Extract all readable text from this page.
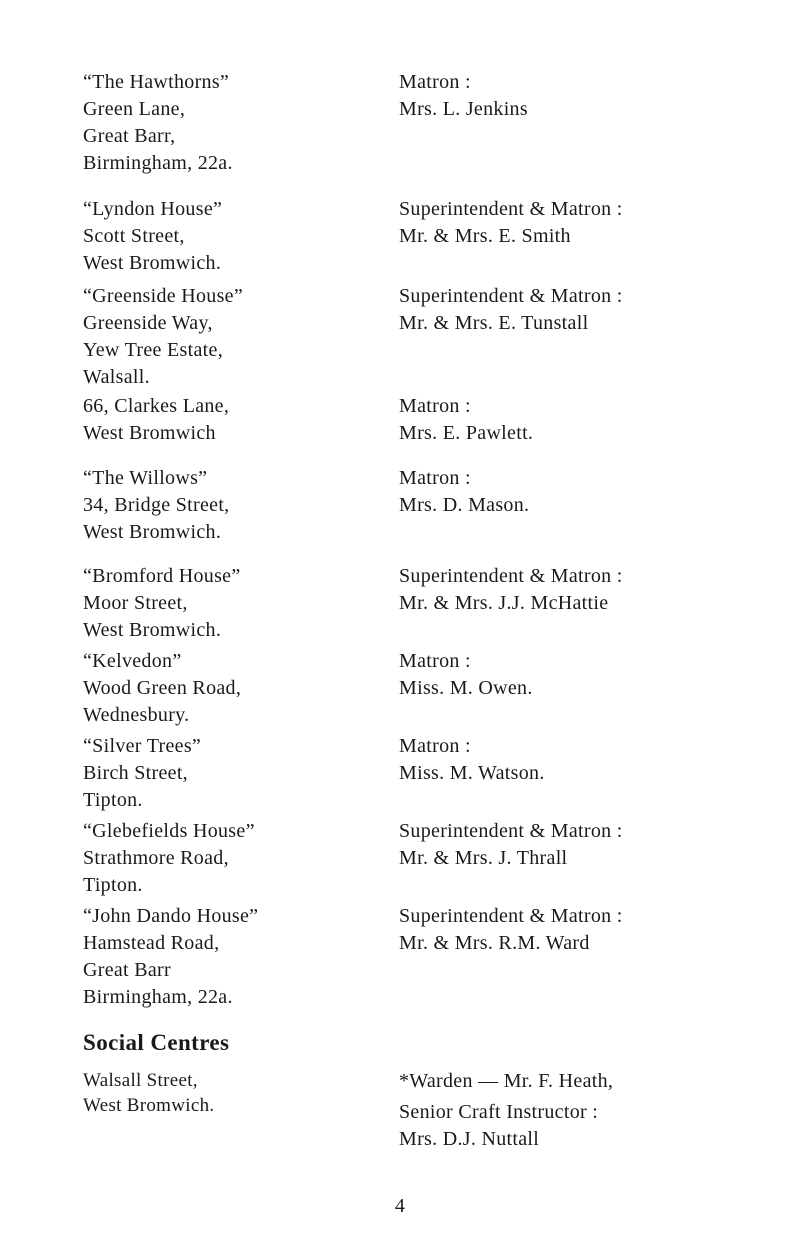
“The Hawthorns”
Green Lane,
Great Barr,
Birmingham, 22a.
Matron :
Mrs. L. Jenkins
“Lyndon House”
Scott Street,
West Bromwich.
Superintendent & Matron :
Mr. & Mrs. E. Smith
“Greenside House”
Greenside Way,
Yew Tree Estate,
Walsall.
Superintendent & Matron :
Mr. & Mrs. E. Tunstall
66, Clarkes Lane,
West Bromwich
Matron :
Mrs. E. Pawlett.
“The Willows”
34, Bridge Street,
West Bromwich.
Matron :
Mrs. D. Mason.
“Bromford House”
Moor Street,
West Bromwich.
Superintendent & Matron :
Mr. & Mrs. J.J. McHattie
“Kelvedon”
Wood Green Road,
Wednesbury.
Matron :
Miss. M. Owen.
“Silver Trees”
Birch Street,
Tipton.
Matron :
Miss. M. Watson.
“Glebefields House”
Strathmore Road,
Tipton.
Superintendent & Matron :
Mr. & Mrs. J. Thrall
“John Dando House”
Hamstead Road,
Great Barr
Birmingham, 22a.
Superintendent & Matron :
Mr. & Mrs. R.M. Ward
Social Centres
Walsall Street,
West Bromwich.
*Warden — Mr. F. Heath,
Senior Craft Instructor :
Mrs. D.J. Nuttall
4
